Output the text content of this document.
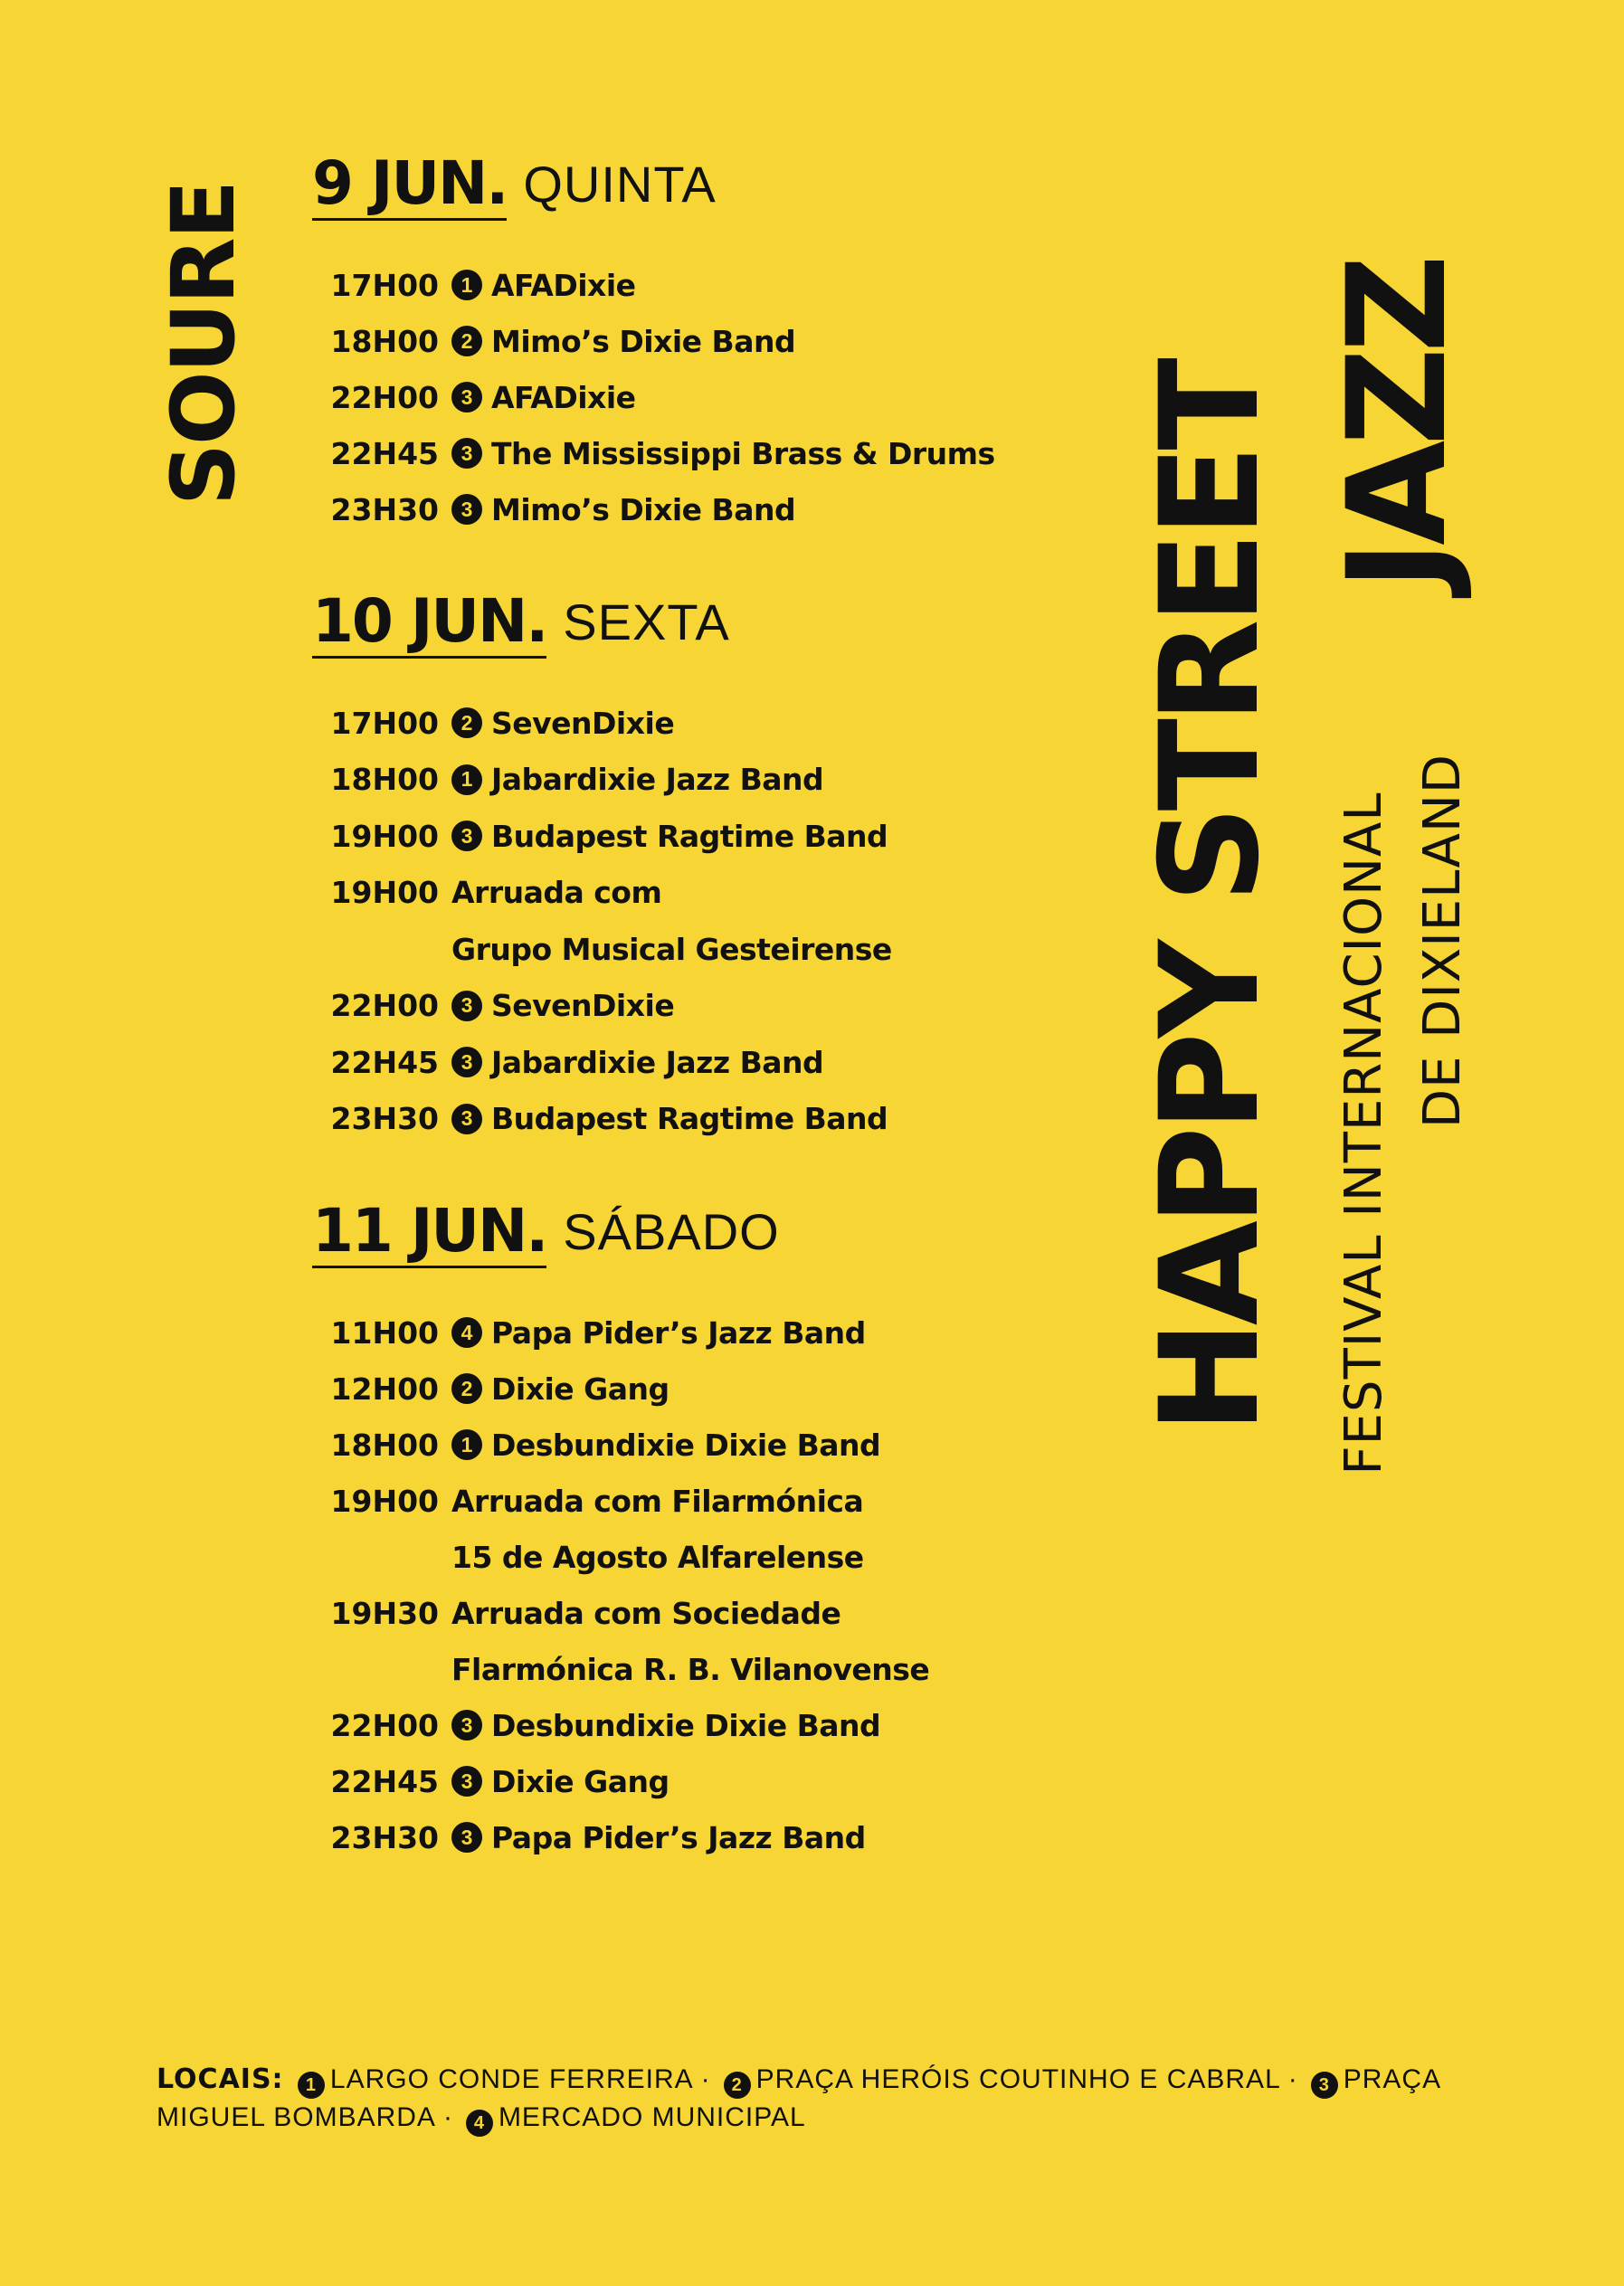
SOURE 9 JUN. QUINTA
17H00	1 AFADixie
18H00	2 Mimo’s Dixie Band
22H00	3 AFADixie
22H45	3 The Mississippi Brass & Drums
23H30	3 Mimo’s Dixie Band
10 JUN. SEXTA
17H00	2 SevenDixie
18H00	1 Jabardixie Jazz Band
19H00	3 Budapest Ragtime Band
19H00 Arruada com
Grupo Musical Gesteirense
22H00	3 SevenDixie
22H45	3 Jabardixie Jazz Band
23H30	3 Budapest Ragtime Band
11 JUN. SÁBADO
11H00	4 Papa Pider’s Jazz Band
12H00	2 Dixie Gang
18H00	1 Desbundixie Dixie Band
19H00 Arruada com Filarmónica
15 de Agosto Alfarelense
19H30 Arruada com Sociedade
Flarmónica R. B. Vilanovense
22H00	3 Desbundixie Dixie Band
22H45	3 Dixie Gang
23H30	3 Papa Pider’s Jazz Band
HAPPY STREET JAZZ
FESTIVAL INTERNACIONAL DE DIXIELAND
LOCAIS: 1 LARGO CONDE FERREIRA · 2 PRAÇA HERÓIS COUTINHO E CABRAL · 3 PRAÇA MIGUEL BOMBARDA · 4 MERCADO MUNICIPAL
